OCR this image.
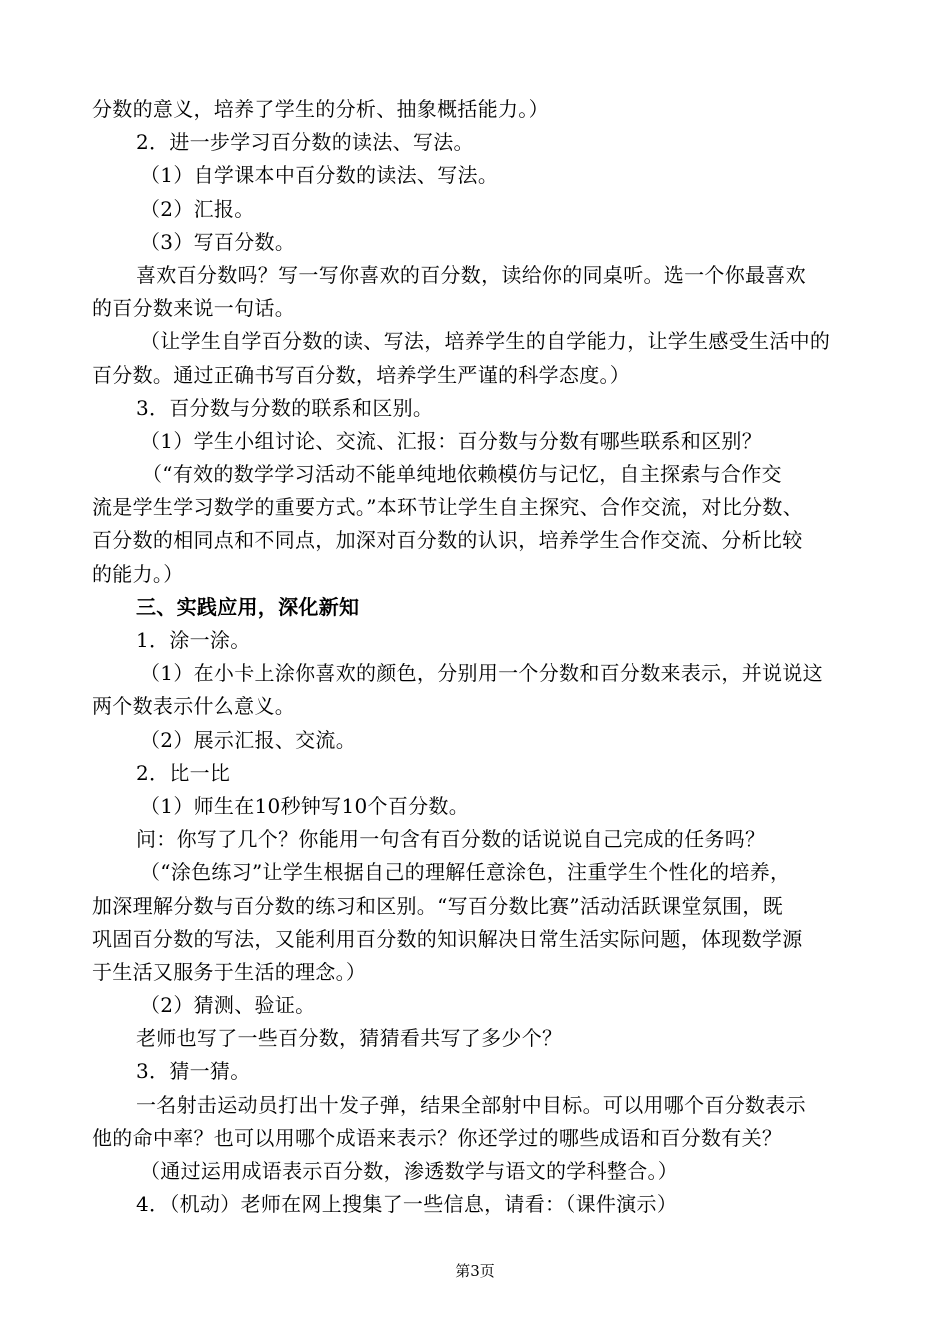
分数的意义，培养了学生的分析、抽象概括能力。）
2．进一步学习百分数的读法、写法。
（1）自学课本中百分数的读法、写法。
（2）汇报。
（3）写百分数。
喜欢百分数吗？写一写你喜欢的百分数，读给你的同桌听。选一个你最喜欢
的百分数来说一句话。
（让学生自学百分数的读、写法，培养学生的自学能力，让学生感受生活中的
百分数。通过正确书写百分数，培养学生严谨的科学态度。）
3．百分数与分数的联系和区别。
（1）学生小组讨论、交流、汇报：百分数与分数有哪些联系和区别？
（“有效的数学学习活动不能单纯地依赖模仿与记忆，自主探索与合作交
流是学生学习数学的重要方式。”本环节让学生自主探究、合作交流，对比分数、
百分数的相同点和不同点，加深对百分数的认识，培养学生合作交流、分析比较
的能力。）
三、实践应用，深化新知
1．涂一涂。
（1）在小卡上涂你喜欢的颜色，分别用一个分数和百分数来表示，并说说这
两个数表示什么意义。
（2）展示汇报、交流。
2．比一比
（1）师生在10秒钟写10个百分数。
问：你写了几个？你能用一句含有百分数的话说说自己完成的任务吗？
（“涂色练习”让学生根据自己的理解任意涂色，注重学生个性化的培养，
加深理解分数与百分数的练习和区别。“写百分数比赛”活动活跃课堂氛围，既
巩固百分数的写法，又能利用百分数的知识解决日常生活实际问题，体现数学源
于生活又服务于生活的理念。）
（2）猜测、验证。
老师也写了一些百分数，猜猜看共写了多少个？
3．猜一猜。
一名射击运动员打出十发子弹，结果全部射中目标。可以用哪个百分数表示
他的命中率？也可以用哪个成语来表示？你还学过的哪些成语和百分数有关？
（通过运用成语表示百分数，渗透数学与语文的学科整合。）
4．（机动）老师在网上搜集了一些信息，请看：（课件演示）
第3页
